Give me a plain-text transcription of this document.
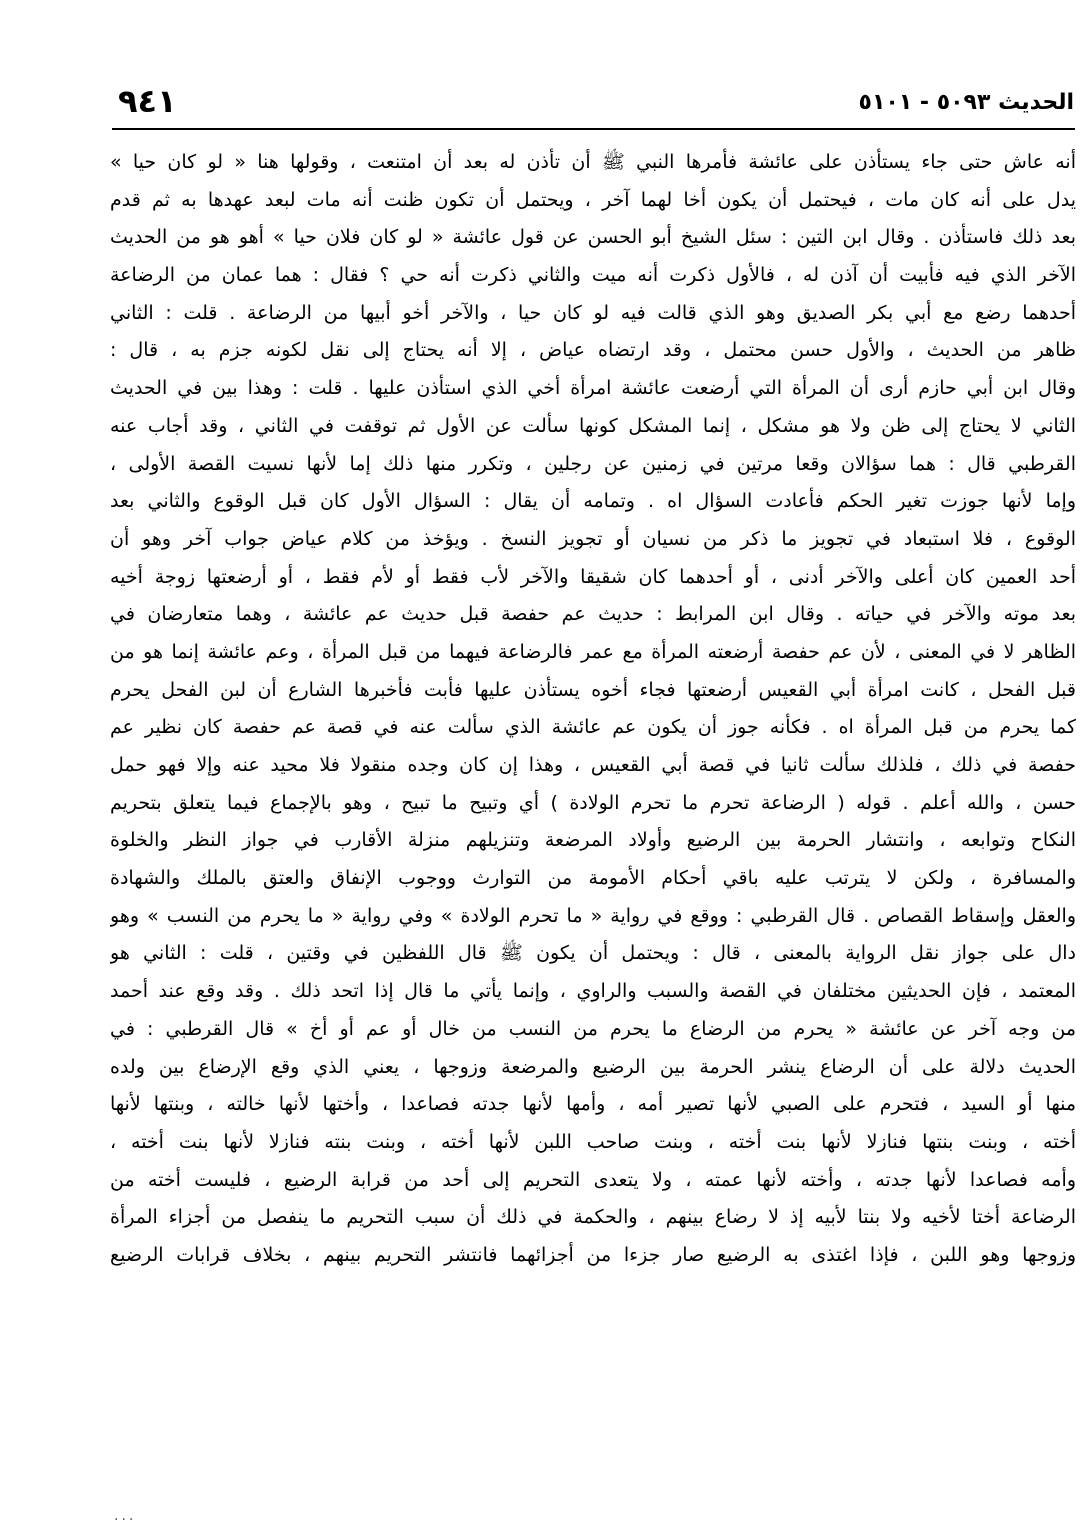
الحديث ٥٠٩٣ - ٥١٠١
٩٤١
أنه عاش حتى جاء يستأذن على عائشة فأمرها النبي ﷺ أن تأذن له بعد أن امتنعت ، وقولها هنا « لو كان حيا »
يدل على أنه كان مات ، فيحتمل أن يكون أخا لهما آخر ، ويحتمل أن تكون ظنت أنه مات لبعد عهدها به ثم قدم
بعد ذلك فاستأذن . وقال ابن التين : سئل الشيخ أبو الحسن عن قول عائشة « لو كان فلان حيا » أهو هو من الحديث
الآخر الذي فيه فأبيت أن آذن له ، فالأول ذكرت أنه ميت والثاني ذكرت أنه حي ؟ فقال : هما عمان من الرضاعة
أحدهما رضع مع أبي بكر الصديق وهو الذي قالت فيه لو كان حيا ، والآخر أخو أبيها من الرضاعة . قلت : الثاني
ظاهر من الحديث ، والأول حسن محتمل ، وقد ارتضاه عياض ، إلا أنه يحتاج إلى نقل لكونه جزم به ، قال :
وقال ابن أبي حازم أرى أن المرأة التي أرضعت عائشة امرأة أخي الذي استأذن عليها . قلت : وهذا بين في الحديث
الثاني لا يحتاج إلى ظن ولا هو مشكل ، إنما المشكل كونها سألت عن الأول ثم توقفت في الثاني ، وقد أجاب عنه
القرطبي قال : هما سؤالان وقعا مرتين في زمنين عن رجلين ، وتكرر منها ذلك إما لأنها نسيت القصة الأولى ،
وإما لأنها جوزت تغير الحكم فأعادت السؤال اه . وتمامه أن يقال : السؤال الأول كان قبل الوقوع والثاني بعد
الوقوع ، فلا استبعاد في تجويز ما ذكر من نسيان أو تجويز النسخ . ويؤخذ من كلام عياض جواب آخر وهو أن
أحد العمين كان أعلى والآخر أدنى ، أو أحدهما كان شقيقا والآخر لأب فقط أو لأم فقط ، أو أرضعتها زوجة أخيه
بعد موته والآخر في حياته . وقال ابن المرابط : حديث عم حفصة قبل حديث عم عائشة ، وهما متعارضان في
الظاهر لا في المعنى ، لأن عم حفصة أرضعته المرأة مع عمر فالرضاعة فيهما من قبل المرأة ، وعم عائشة إنما هو من
قبل الفحل ، كانت امرأة أبي القعيس أرضعتها فجاء أخوه يستأذن عليها فأبت فأخبرها الشارع أن لبن الفحل يحرم
كما يحرم من قبل المرأة اه . فكأنه جوز أن يكون عم عائشة الذي سألت عنه في قصة عم حفصة كان نظير عم
حفصة في ذلك ، فلذلك سألت ثانيا في قصة أبي القعيس ، وهذا إن كان وجده منقولا فلا محيد عنه وإلا فهو حمل
حسن ، والله أعلم . قوله ( الرضاعة تحرم ما تحرم الولادة ) أي وتبيح ما تبيح ، وهو بالإجماع فيما يتعلق بتحريم
النكاح وتوابعه ، وانتشار الحرمة بين الرضيع وأولاد المرضعة وتنزيلهم منزلة الأقارب في جواز النظر والخلوة
والمسافرة ، ولكن لا يترتب عليه باقي أحكام الأمومة من التوارث ووجوب الإنفاق والعتق بالملك والشهادة
والعقل وإسقاط القصاص . قال القرطبي : ووقع في رواية « ما تحرم الولادة » وفي رواية « ما يحرم من النسب » وهو
دال على جواز نقل الرواية بالمعنى ، قال : ويحتمل أن يكون ﷺ قال اللفظين في وقتين ، قلت : الثاني هو
المعتمد ، فإن الحديثين مختلفان في القصة والسبب والراوي ، وإنما يأتي ما قال إذا اتحد ذلك . وقد وقع عند أحمد
من وجه آخر عن عائشة « يحرم من الرضاع ما يحرم من النسب من خال أو عم أو أخ » قال القرطبي : في
الحديث دلالة على أن الرضاع ينشر الحرمة بين الرضيع والمرضعة وزوجها ، يعني الذي وقع الإرضاع بين ولده
منها أو السيد ، فتحرم على الصبي لأنها تصير أمه ، وأمها لأنها جدته فصاعدا ، وأختها لأنها خالته ، وبنتها لأنها
أخته ، وبنت بنتها فنازلا لأنها بنت أخته ، وبنت صاحب اللبن لأنها أخته ، وبنت بنته فنازلا لأنها بنت أخته ،
وأمه فصاعدا لأنها جدته ، وأخته لأنها عمته ، ولا يتعدى التحريم إلى أحد من قرابة الرضيع ، فليست أخته من
الرضاعة أختا لأخيه ولا بنتا لأبيه إذ لا رضاع بينهم ، والحكمة في ذلك أن سبب التحريم ما ينفصل من أجزاء المرأة
وزوجها وهو اللبن ، فإذا اغتذى به الرضيع صار جزءا من أجزائهما فانتشر التحريم بينهم ، بخلاف قرابات الرضيع
...
